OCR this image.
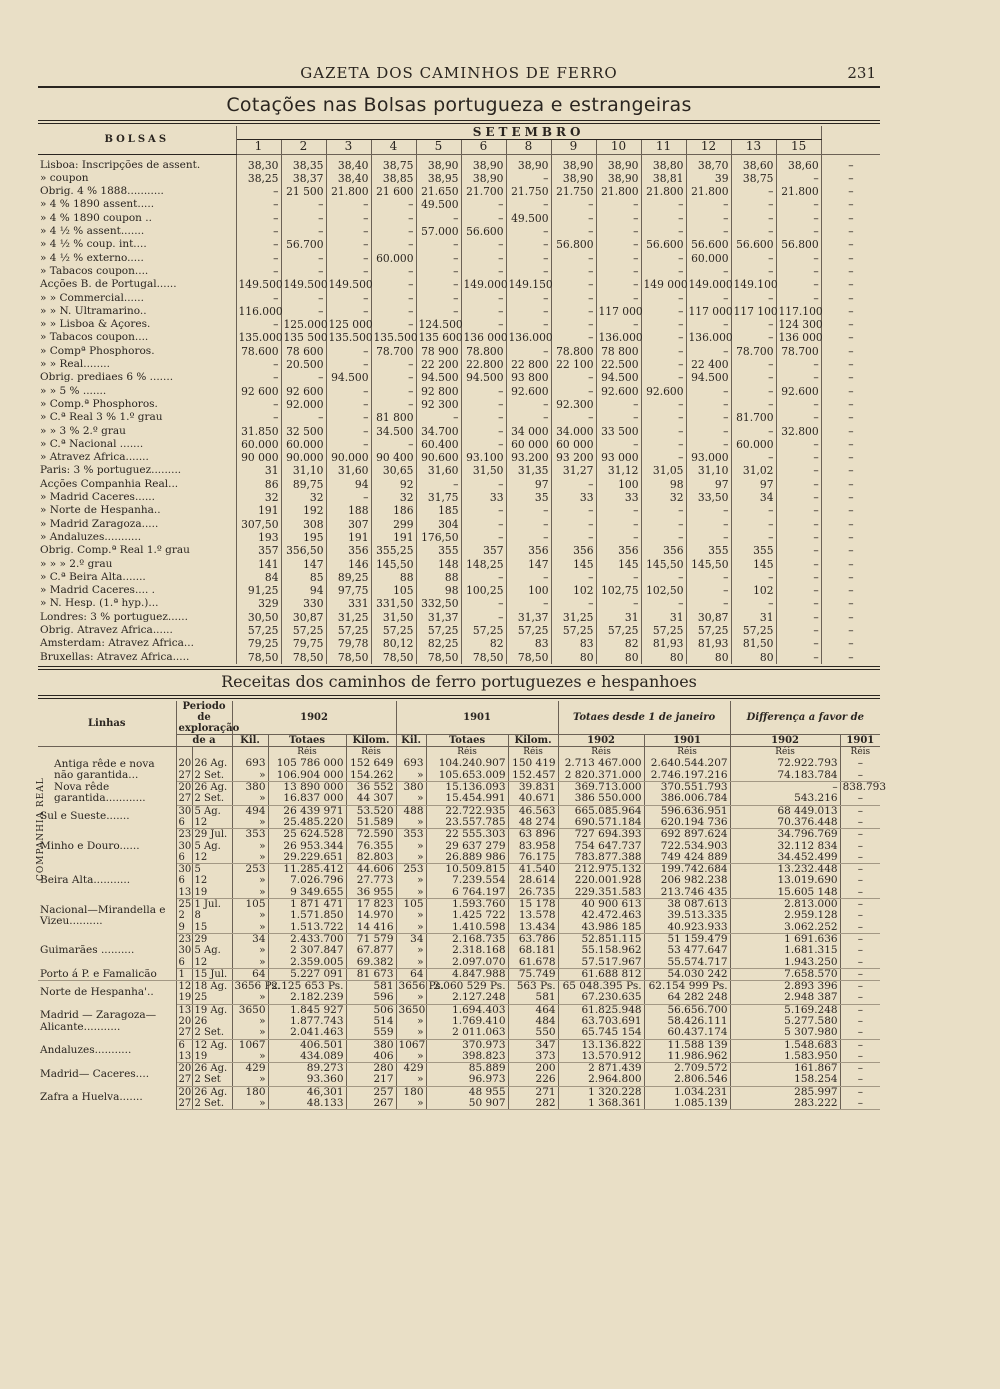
GAZETA DOS CAMINHOS DE FERRO	231
Cotações nas Bolsas portugueza e estrangeiras
BOLSAS	SETEMBRO													
	1	2	3	4	5	6	8	9	10	11	12	13	15	
Lisboa: Inscripções de assent.	38,30	38,35	38,40	38,75	38,90	38,90	38,90	38,90	38,90	38,80	38,70	38,60	38,60	–
» coupon	38,25	38,37	38,40	38,85	38,95	38,90	–	38,90	38,90	38,81	39	38,75	–	–
Obrig. 4 % 1888...........	–	21 500	21.800	21 600	21.650	21.700	21.750	21.750	21.800	21.800	21.800	–	21.800	–
» 4 % 1890 assent.....	–	–	–	–	49.500	–	–	–	–	–	–	–	–	–
» 4 % 1890 coupon ..	–	–	–	–	–	–	49.500	–	–	–	–	–	–	–
» 4 ½ % assent.......	–	–	–	–	57.000	56.600	–	–	–	–	–	–	–	–
» 4 ½ % coup. int....	–	56.700	–	–	–	–	–	56.800	–	56.600	56.600	56.600	56.800	–
» 4 ½ % externo.....	–	–	–	60.000	–	–	–	–	–	–	60.000	–	–	–
» Tabacos coupon....	–	–	–	–	–	–	–	–	–	–	–	–	–	–
Acções B. de Portugal......	149.500	149.500	149.500	–	–	149.000	149.150	–	–	149 000	149.000	149.100	–	–
» » Commercial......	–	–	–	–	–	–	–	–	–	–	–	–	–	–
» » N. Ultramarino..	116.000	–	–	–	–	–	–	–	117 000	–	117 000	117 100	117.100	–
» » Lisboa & Açores.	–	125.000	125 000	–	124.500	–	–	–	–	–	–	–	124 300	–
» Tabacos coupon....	135.000	135 500	135.500	135.500	135 600	136 000	136.000	–	136.000	–	136.000	–	136 000	–
» Compª Phosphoros.	78.600	78 600	–	78.700	78 900	78.800	–	78.800	78 800	–	–	78.700	78.700	–
» » Real........	–	20.500	–	–	22 200	22.800	22 800	22 100	22.500	–	22 400	–	–	–
Obrig. prediaes 6 % .......	–	–	94.500	–	94.500	94.500	93 800	–	94.500	–	94.500	–	–	–
» » 5 % .......	92 600	92 600	–	–	92 800	–	92.600	–	92.600	92.600	–	–	92.600	–
» Comp.ª Phosphoros.	–	92.000	–	–	92 300	–	–	92.300	–	–	–	–	–	–
» C.ª Real 3 % 1.º grau	–	–	–	81 800	–	–	–	–	–	–	–	81.700	–	–
» » 3 % 2.º grau	31.850	32 500	–	34.500	34.700	–	34 000	34.000	33 500	–	–	–	32.800	–
» C.ª Nacional .......	60.000	60.000	–	–	60.400	–	60 000	60 000	–	–	–	60.000	–	–
» Atravez Africa.......	90 000	90.000	90.000	90 400	90.600	93.100	93.200	93 200	93 000	–	93.000	–	–	–
Paris: 3 % portuguez.........	31	31,10	31,60	30,65	31,60	31,50	31,35	31,27	31,12	31,05	31,10	31,02	–	–
Acções Companhia Real...	86	89,75	94	92	–	–	97	–	100	98	97	97	–	–
» Madrid Caceres......	32	32	–	32	31,75	33	35	33	33	32	33,50	34	–	–
» Norte de Hespanha..	191	192	188	186	185	–	–	–	–	–	–	–	–	–
» Madrid Zaragoza.....	307,50	308	307	299	304	–	–	–	–	–	–	–	–	–
» Andaluzes...........	193	195	191	191	176,50	–	–	–	–	–	–	–	–	–
Obrig. Comp.ª Real 1.º grau	357	356,50	356	355,25	355	357	356	356	356	356	355	355	–	–
» » » 2.º grau	141	147	146	145,50	148	148,25	147	145	145	145,50	145,50	145	–	–
» C.ª Beira Alta.......	84	85	89,25	88	88	–	–	–	–	–	–	–	–	–
» Madrid Caceres.... .	91,25	94	97,75	105	98	100,25	100	102	102,75	102,50	–	102	–	–
» N. Hesp. (1.ª hyp.)...	329	330	331	331,50	332,50	–	–	–	–	–	–	–	–	–
Londres: 3 % portuguez......	30,50	30,87	31,25	31,50	31,37	–	31,37	31,25	31	31	30,87	31	–	–
Obrig. Atravez Africa......	57,25	57,25	57,25	57,25	57,25	57,25	57,25	57,25	57,25	57,25	57,25	57,25	–	–
Amsterdam: Atravez Africa...	79,25	79,75	79,78	80,12	82,25	82	83	83	82	81,93	81,93	81,50	–	–
Bruxellas: Atravez Africa.....	78,50	78,50	78,50	78,50	78,50	78,50	78,50	80	80	80	80	80	–	–
Receitas dos caminhos de ferro portuguezes e hespanhoes
Linhas	Periodo de exploração		1902			1901			Totaes desde 1 de janeiro		Differença a favor de	
	de a		Kil.	Totaes	Kilom.	Kil.	Totaes	Kilom.	1902	1901	1902	1901
				Réis	Réis		Réis	Réis	Réis	Réis	Réis	Réis
Antiga rêde e nova não garantida...	20	26 Ag.	693	105 786 000	152 649	693	104.240.907	150 419	2.713 467.000	2.640.544.207	72.922.793	–
	27	2 Set.	»	106.904 000	154.262	»	105.653.009	152.457	2 820.371.000	2.746.197.216	74.183.784	–
Nova rêde garantida............	20	26 Ag.	380	13 890 000	36 552	380	15.136.093	39.831	369.713.000	370.551.793	–	838.793
	27	2 Set.	»	16.837 000	44 307	»	15.454.991	40.671	386 550.000	386.006.784	543.216	–
Sul e Sueste.......	30	5 Ag.	494	26 439 971	53.520	488	22.722.935	46.563	665.085.964	596.636.951	68 449.013	–
	6	12	»	25.485.220	51.589	»	23.557.785	48 274	690.571.184	620.194 736	70.376.448	–
Minho e Douro......	23	29 Jul.	353	25 624.528	72.590	353	22 555.303	63 896	727 694.393	692 897.624	34.796.769	–
	30	5 Ag.	»	26 953.344	76.355	»	29 637 279	83.958	754 647.737	722.534.903	32.112 834	–
	6	12	»	29.229.651	82.803	»	26.889 986	76.175	783.877.388	749 424 889	34.452.499	–
Beira Alta...........	30	5	253	11.285.412	44.606	253	10.509.815	41.540	212.975.132	199.742.684	13.232.448	–
	6	12	»	7.026.796	27.773	»	7.239.554	28.614	220.001.928	206 982.238	13.019.690	–
	13	19	»	9 349.655	36 955	»	6 764.197	26.735	229.351.583	213.746 435	15.605 148	–
Nacional—Mirandella e Vizeu..........	25	1 Jul.	105	1 871 471	17 823	105	1.593.760	15 178	40 900 613	38 087.613	2.813.000	–
	2	8	»	1.571.850	14.970	»	1.425 722	13.578	42.472.463	39.513.335	2.959.128	–
	9	15	»	1.513.722	14 416	»	1.410.598	13.434	43.986 185	40.923.933	3.062.252	–
Guimarães ..........	23	29	34	2.433.700	71 579	34	2.168.735	63.786	52.851.115	51 159.479	1 691.636	–
	30	5 Ag.	»	2 307.847	67.877	»	2.318.168	68.181	55.158.962	53 477.647	1.681.315	–
	6	12	»	2.359.005	69.382	»	2.097.070	61.678	57.517.967	55.574.717	1.943.250	–
Porto á P. e Famalicão	1	15 Jul.	64	5.227 091	81 673	64	4.847.988	75.749	61.688 812	54.030 242	7.658.570	–
Norte de Hespanha'..	12	18 Ag.	3656 Ps.	2.125 653 Ps.	581	3656 Ps.	2.060 529 Ps.	563 Ps.	65 048.395 Ps.	62.154 999 Ps.	2.893 396	–
	19	25	»	2.182.239	596	»	2.127.248	581	67.230.635	64 282 248	2.948 387	–
Madrid — Zaragoza— Alicante...........	13	19 Ag.	3650	1.845 927	506	3650	1.694.403	464	61.825.948	56.656.700	5.169.248	–
	20	26	»	1.877.743	514	»	1.769.410	484	63.703.691	58.426.111	5.277.580	–
	27	2 Set.	»	2.041.463	559	»	2 011.063	550	65.745 154	60.437.174	5 307.980	–
Andaluzes...........	6	12 Ag.	1067	406.501	380	1067	370.973	347	13.136.822	11.588 139	1.548.683	–
	13	19	»	434.089	406	»	398.823	373	13.570.912	11.986.962	1.583.950	–
Madrid— Caceres....	20	26 Ag.	429	89.273	280	429	85.889	200	2 871.439	2.709.572	161.867	–
	27	2 Set	»	93.360	217	»	96.973	226	2.964.800	2.806.546	158.254	–
Zafra a Huelva.......	20	26 Ag.	180	46,301	257	180	48 955	271	1 320.228	1.034.231	285.997	–
	27	2 Set.	»	48.133	267	»	50 907	282	1 368.361	1.085.139	283.222	–
COMPANHIA REAL
